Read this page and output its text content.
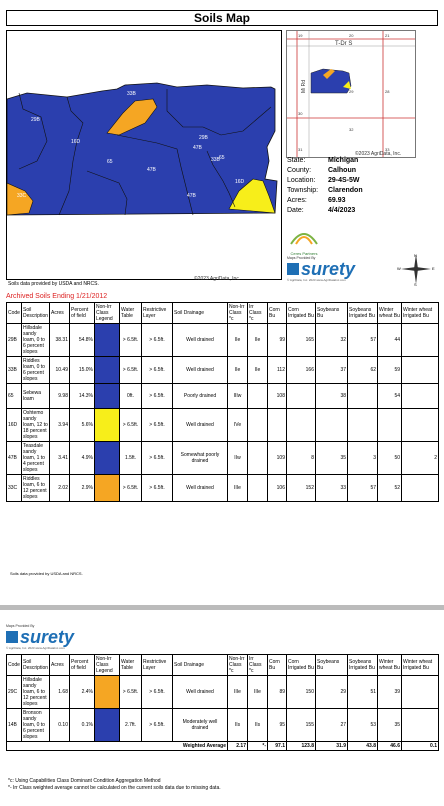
Soils Map
33B
29B
16D
65
47B
29B
33B 65
47B
16D
33C	47B
Soils data provided by USDA and NRCS.
©2023 AgriData, Inc.
T-Dr S
Mi Rd
19	20	21
30
29	28
31
32
33
©2023 AgriData, Inc.
State:	Michigan
County:	Calhoun
Location:	29-4S-5W
Township:	Clarendon
Acres:	69.93
Date:	4/4/2023
Ceres Partners
Maps Provided By
surety
© AgriData, Inc. 2023 www.AgriDataInc.com
N
W	E
S
Archived Soils Ending 1/21/2012
Code	Soil Description	Acres	Percent of field	Non-Irr Class Legend	Water Table	Restrictive Layer	Soil Drainage	Non-Irr Class *c	Irr Class *c	Corn Bu	Corn Irrigated Bu	Soybeans Bu	Soybeans Irrigated Bu	Winter wheat Bu	Winter wheat Irrigated Bu
29B	Hillsdale sandy loam, 0 to 6 percent slopes	38.31	54.8%		> 6.5ft.	> 6.5ft.	Well drained	IIe	IIe	99	165	32	57	44	
33B	Riddles loam, 0 to 6 percent slopes	10.49	15.0%		> 6.5ft.	> 6.5ft.	Well drained	IIe	IIe	112	166	37	62	59	
65	Sebewa loam	9.98	14.3%		0ft.	> 6.5ft.	Poorly drained	IIIw		108		38		54	
16D	Oshtemo sandy loam, 12 to 18 percent slopes	3.94	5.6%		> 6.5ft.	> 6.5ft.	Well drained	IVe							
47B	Teasdale sandy loam, 1 to 4 percent slopes	3.41	4.9%		1.5ft.	> 6.5ft.	Somewhat poorly drained	IIw		109	8	35	3	50	2
33C	Riddles loam, 6 to 12 percent slopes	2.02	2.9%		> 6.5ft.	> 6.5ft.	Well drained	IIIe		106	152	33	57	52	
Soils data provided by USDA and NRCS.
Maps Provided By
surety
© AgriData, Inc. 2023 www.AgriDataInc.com
Code	Soil Description	Acres	Percent of field	Non-Irr Class Legend	Water Table	Restrictive Layer	Soil Drainage	Non-Irr Class *c	Irr Class *c	Corn Bu	Corn Irrigated Bu	Soybeans Bu	Soybeans Irrigated Bu	Winter wheat Bu	Winter wheat Irrigated Bu
29C	Hillsdale sandy loam, 6 to 12 percent slopes	1.68	2.4%		> 6.5ft.	> 6.5ft.	Well drained	IIIe	IIIe	89	150	29	51	39	
14B	Bronson sandy loam, 0 to 6 percent slopes	0.10	0.1%		2.7ft.	> 6.5ft.	Moderately well drained	IIs	IIs	95	155	27	53	35	
Weighted Average								2.17	*-	97.1	123.8	31.9	43.8	46.6	0.1
*c: Using Capabilities Class Dominant Condition Aggregation Method
*- Irr Class weighted average cannot be calculated on the current soils data due to missing data.
